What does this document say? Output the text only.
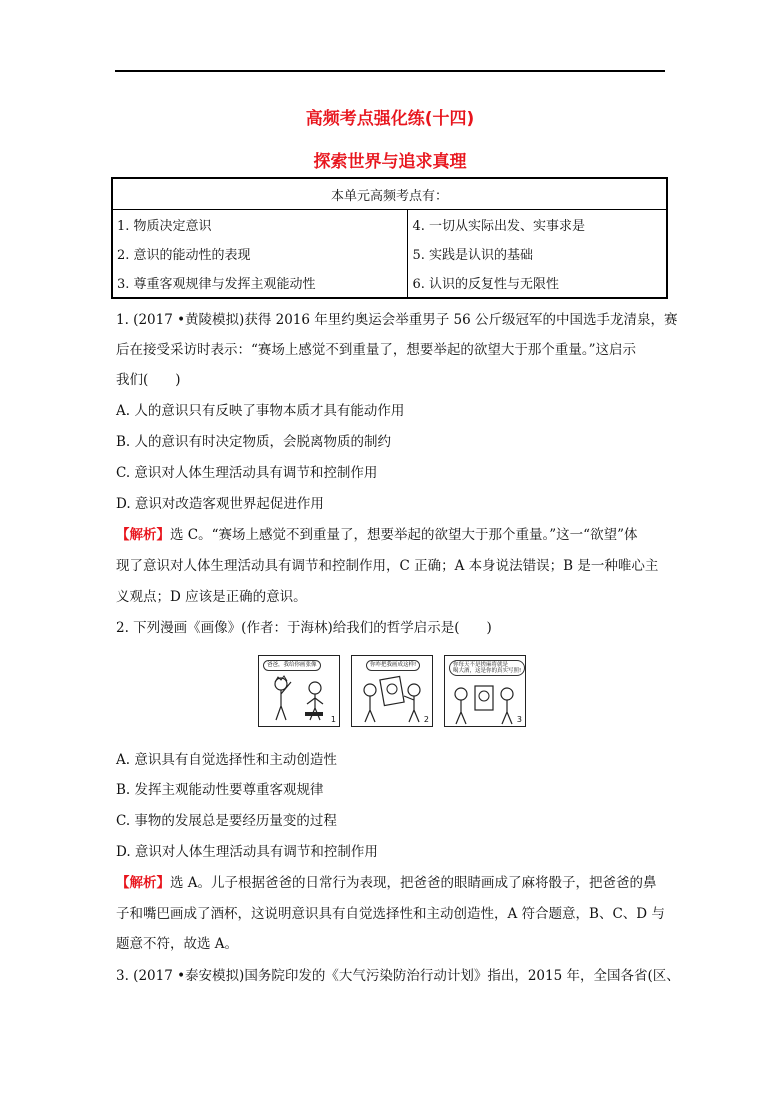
高频考点强化练(十四)
探索世界与追求真理
本单元高频考点有：	
1. 物质决定意识	4. 一切从实际出发、实事求是
2. 意识的能动性的表现	5. 实践是认识的基础
3. 尊重客观规律与发挥主观能动性	6. 认识的反复性与无限性
1. (2017 •黄陵模拟)获得 2016 年里约奥运会举重男子 56 公斤级冠军的中国选手龙清泉，赛
后在接受采访时表示：“赛场上感觉不到重量了，想要举起的欲望大于那个重量。”这启示
我们(　　)
A. 人的意识只有反映了事物本质才具有能动作用
B. 人的意识有时决定物质，会脱离物质的制约
C. 意识对人体生理活动具有调节和控制作用
D. 意识对改造客观世界起促进作用
【解析】选 C。“赛场上感觉不到重量了，想要举起的欲望大于那个重量。”这一“欲望”体
现了意识对人体生理活动具有调节和控制作用，C 正确；A 本身说法错误；B 是一种唯心主
义观点；D 应该是正确的意识。
2. 下列漫画《画像》(作者：于海林)给我们的哲学启示是(　　)
爸爸，我给你画张像
1
你咋把我画成这样!
2
你每天不是搓麻将就是
喝大酒，这是你的真实写照!
3
A. 意识具有自觉选择性和主动创造性
B. 发挥主观能动性要尊重客观规律
C. 事物的发展总是要经历量变的过程
D. 意识对人体生理活动具有调节和控制作用
【解析】选 A。儿子根据爸爸的日常行为表现，把爸爸的眼睛画成了麻将骰子，把爸爸的鼻
子和嘴巴画成了酒杯，这说明意识具有自觉选择性和主动创造性，A 符合题意，B、C、D 与
题意不符，故选 A。
3. (2017 •泰安模拟)国务院印发的《大气污染防治行动计划》指出，2015 年，全国各省(区、
